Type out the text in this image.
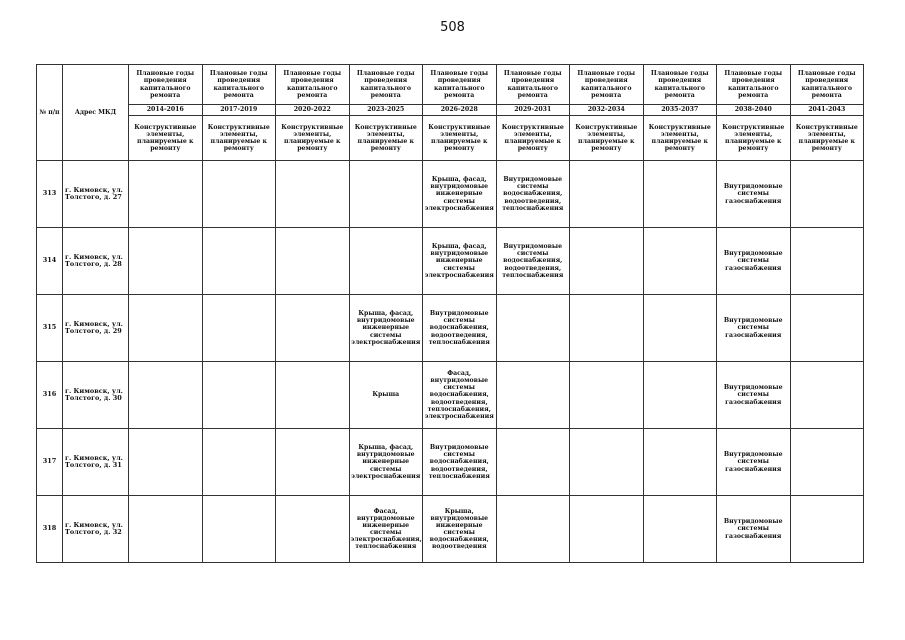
508
№ п/п	Адрес МКД	Плановые годы проведения капитального ремонта	Плановые годы проведения капитального ремонта	Плановые годы проведения капитального ремонта	Плановые годы проведения капитального ремонта	Плановые годы проведения капитального ремонта	Плановые годы проведения капитального ремонта	Плановые годы проведения капитального ремонта	Плановые годы проведения капитального ремонта	Плановые годы проведения капитального ремонта	Плановые годы проведения капитального ремонта
		2014-2016	2017-2019	2020-2022	2023-2025	2026-2028	2029-2031	2032-2034	2035-2037	2038-2040	2041-2043
		Конструктивные элементы, планируемые к ремонту	Конструктивные элементы, планируемые к ремонту	Конструктивные элементы, планируемые к ремонту	Конструктивные элементы, планируемые к ремонту	Конструктивные элементы, планируемые к ремонту	Конструктивные элементы, планируемые к ремонту	Конструктивные элементы, планируемые к ремонту	Конструктивные элементы, планируемые к ремонту	Конструктивные элементы, планируемые к ремонту	Конструктивные элементы, планируемые к ремонту
313	г. Кимовск, ул. Толстого, д. 27					Крыша, фасад, внутридомовые инженерные системы электроснабжения	Внутридомовые системы водоснабжения, водоотведения, теплоснабжения			Внутридомовые системы газоснабжения	
314	г. Кимовск, ул. Толстого, д. 28					Крыша, фасад, внутридомовые инженерные системы электроснабжения	Внутридомовые системы водоснабжения, водоотведения, теплоснабжения			Внутридомовые системы газоснабжения	
315	г. Кимовск, ул. Толстого, д. 29				Крыша, фасад, внутридомовые инженерные системы электроснабжения	Внутридомовые системы водоснабжения, водоотведения, теплоснабжения				Внутридомовые системы газоснабжения	
316	г. Кимовск, ул. Толстого, д. 30				Крыша	Фасад, внутридомовые системы водоснабжения, водоотведения, теплоснабжения, электроснабжения				Внутридомовые системы газоснабжения	
317	г. Кимовск, ул. Толстого, д. 31				Крыша, фасад, внутридомовые инженерные системы электроснабжения	Внутридомовые системы водоснабжения, водоотведения, теплоснабжения				Внутридомовые системы газоснабжения	
318	г. Кимовск, ул. Толстого, д. 32				Фасад, внутридомовые инженерные системы электроснабжения, теплоснабжения	Крыша, внутридомовые инженерные системы водоснабжения, водоотведения				Внутридомовые системы газоснабжения	
